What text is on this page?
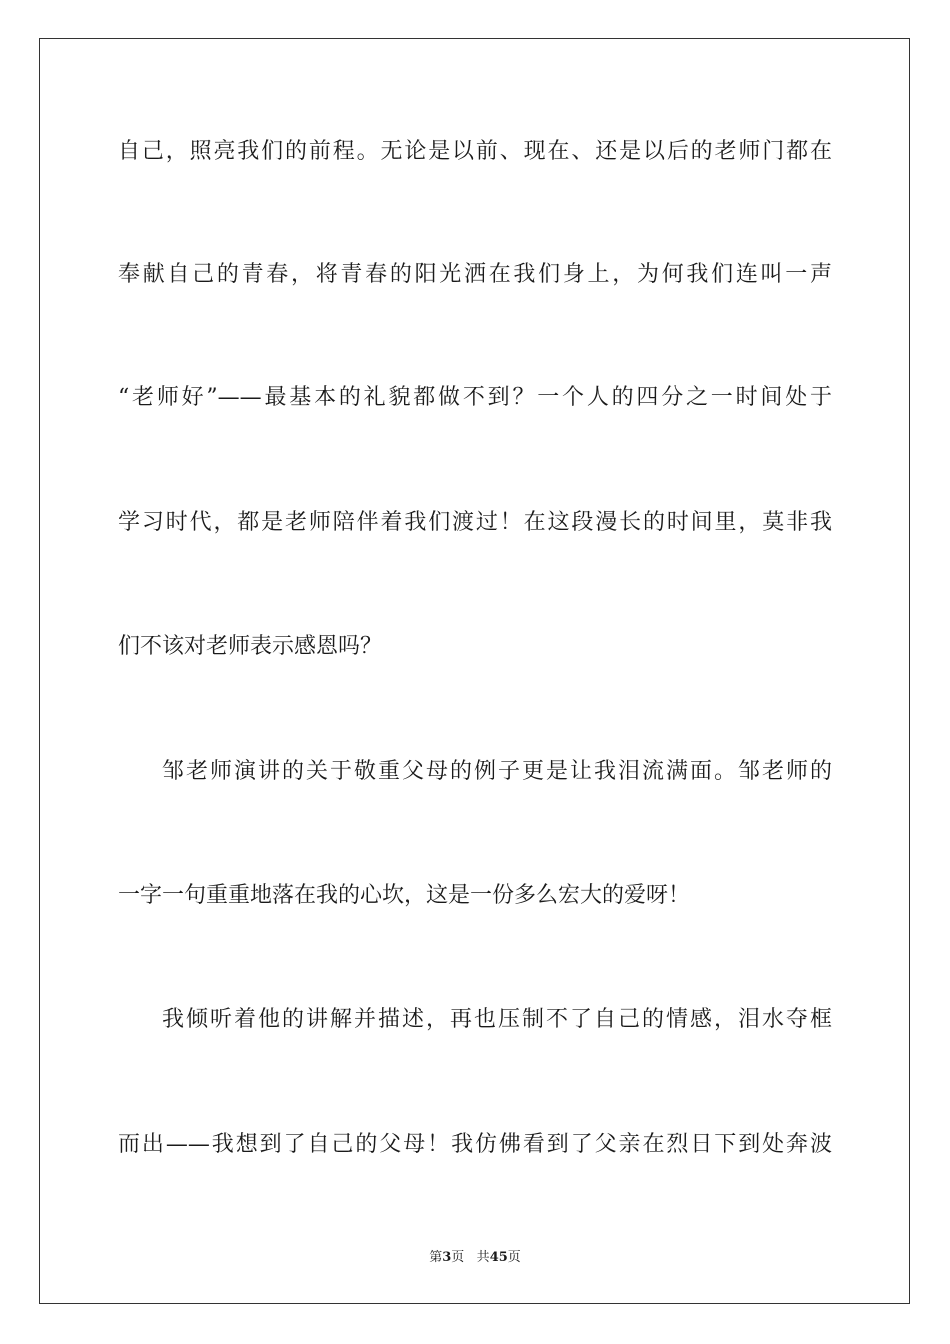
自己，照亮我们的前程。无论是以前、现在、还是以后的老师门都在
奉献自己的青春，将青春的阳光洒在我们身上，为何我们连叫一声
“老师好”——最基本的礼貌都做不到？一个人的四分之一时间处于
学习时代，都是老师陪伴着我们渡过！在这段漫长的时间里，莫非我
们不该对老师表示感恩吗？
邹老师演讲的关于敬重父母的例子更是让我泪流满面。邹老师的
一字一句重重地落在我的心坎，这是一份多么宏大的爱呀！
我倾听着他的讲解并描述，再也压制不了自己的情感，泪水夺框
而出——我想到了自己的父母！我仿佛看到了父亲在烈日下到处奔波
第3页 共45页
